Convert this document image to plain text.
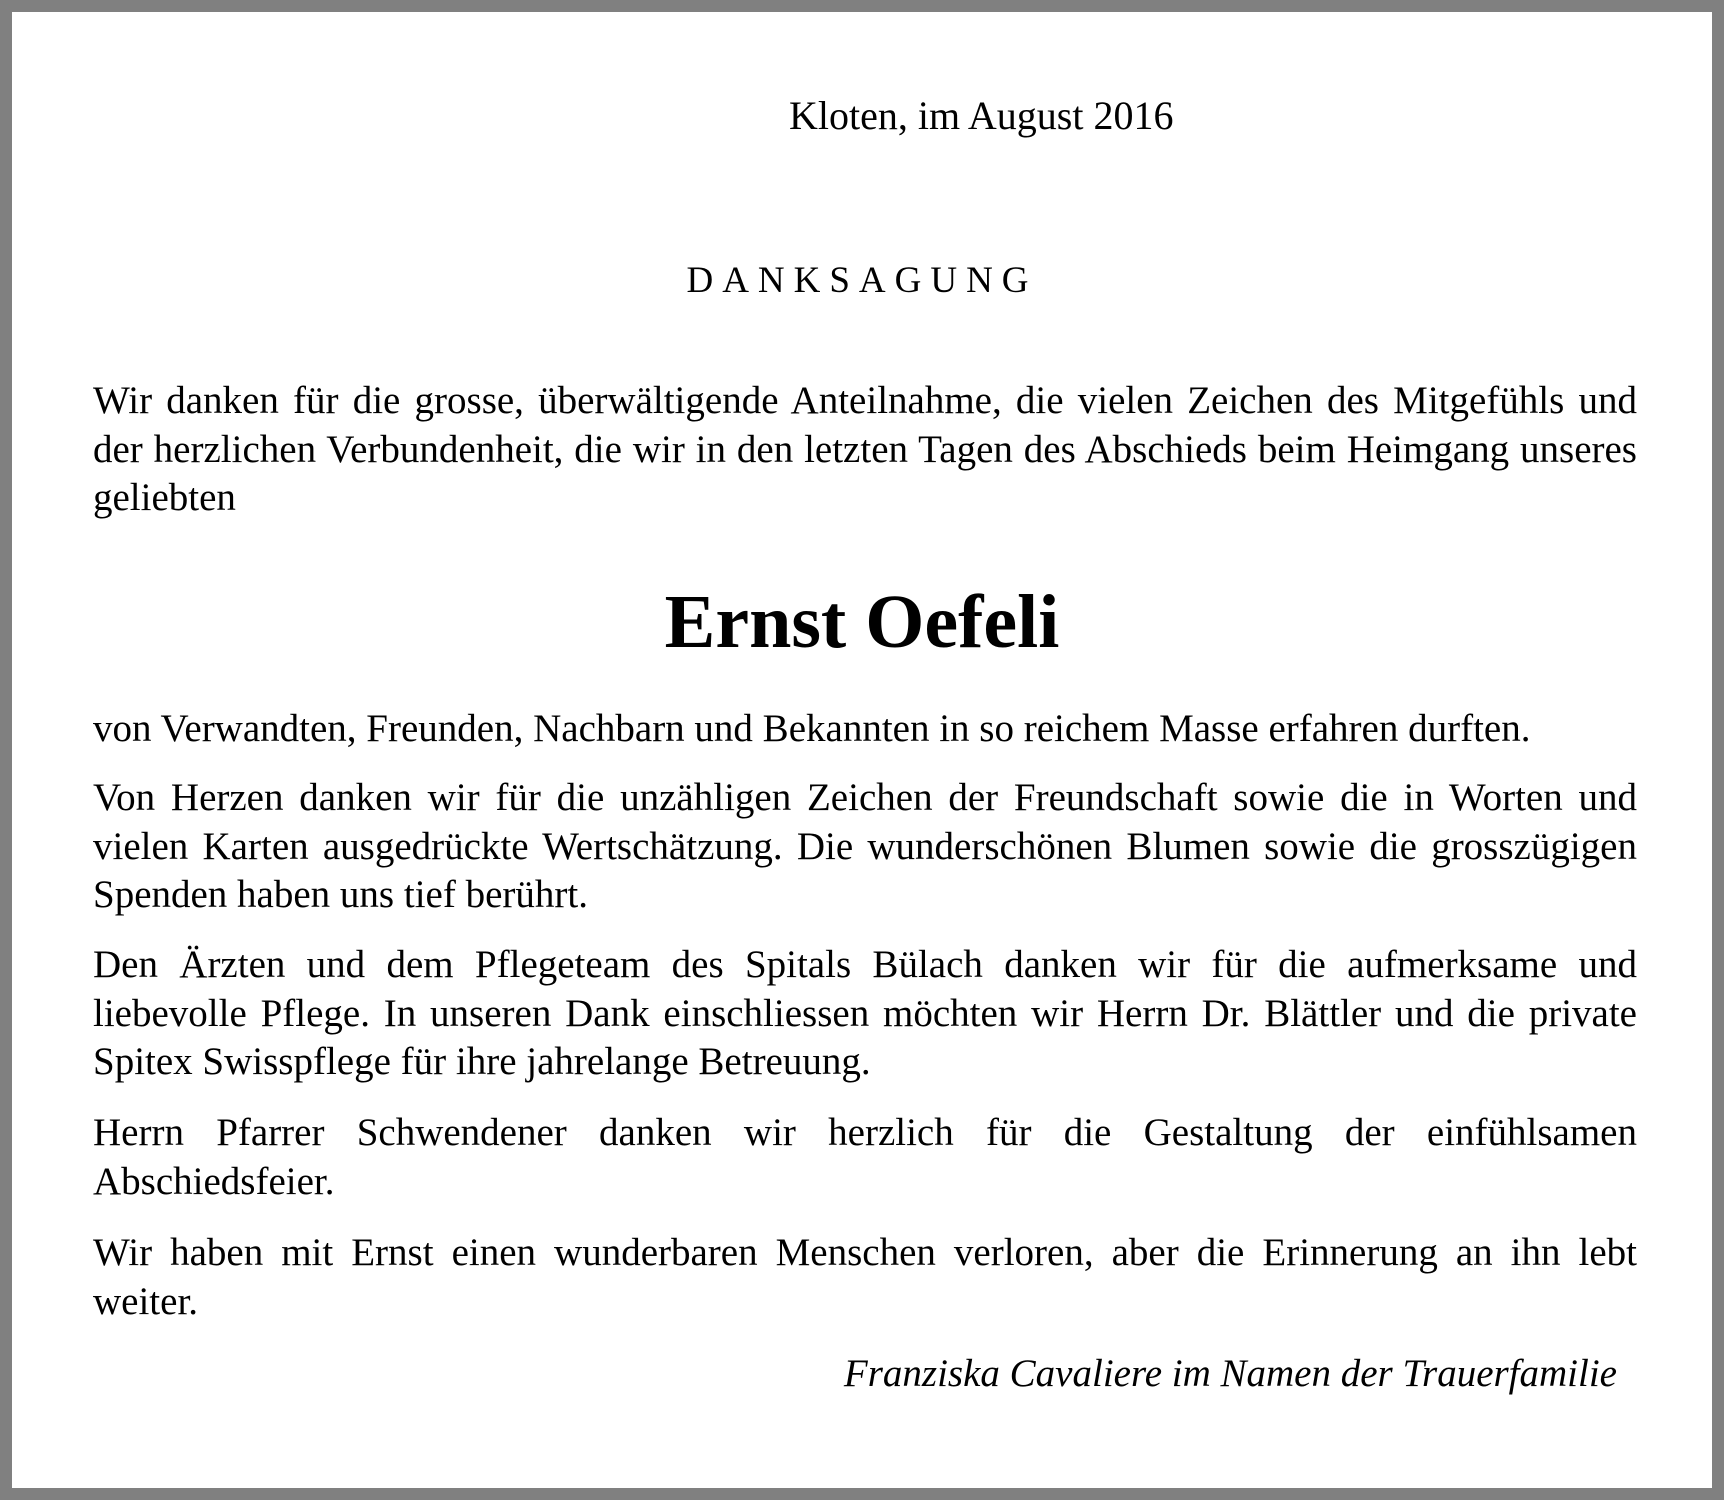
Kloten, im August 2016
DANKSAGUNG
Wir danken für die grosse, überwältigende Anteilnahme, die vielen Zeichen des Mitgefühls und der herzlichen Verbundenheit, die wir in den letzten Tagen des Abschieds beim Heimgang unseres geliebten
Ernst Oefeli
von Verwandten, Freunden, Nachbarn und Bekannten in so reichem Masse erfahren durften.
Von Herzen danken wir für die unzähligen Zeichen der Freundschaft sowie die in Worten und vielen Karten ausgedrückte Wertschätzung. Die wunderschönen Blumen sowie die grosszügigen Spenden haben uns tief berührt.
Den Ärzten und dem Pflegeteam des Spitals Bülach danken wir für die aufmerksame und liebevolle Pflege. In unseren Dank einschliessen möchten wir Herrn Dr. Blättler und die private Spitex Swisspflege für ihre jahrelange Betreuung.
Herrn Pfarrer Schwendener danken wir herzlich für die Gestaltung der einfühlsamen Abschiedsfeier.
Wir haben mit Ernst einen wunderbaren Menschen verloren, aber die Erinnerung an ihn lebt weiter.
Franziska Cavaliere im Namen der Trauerfamilie
